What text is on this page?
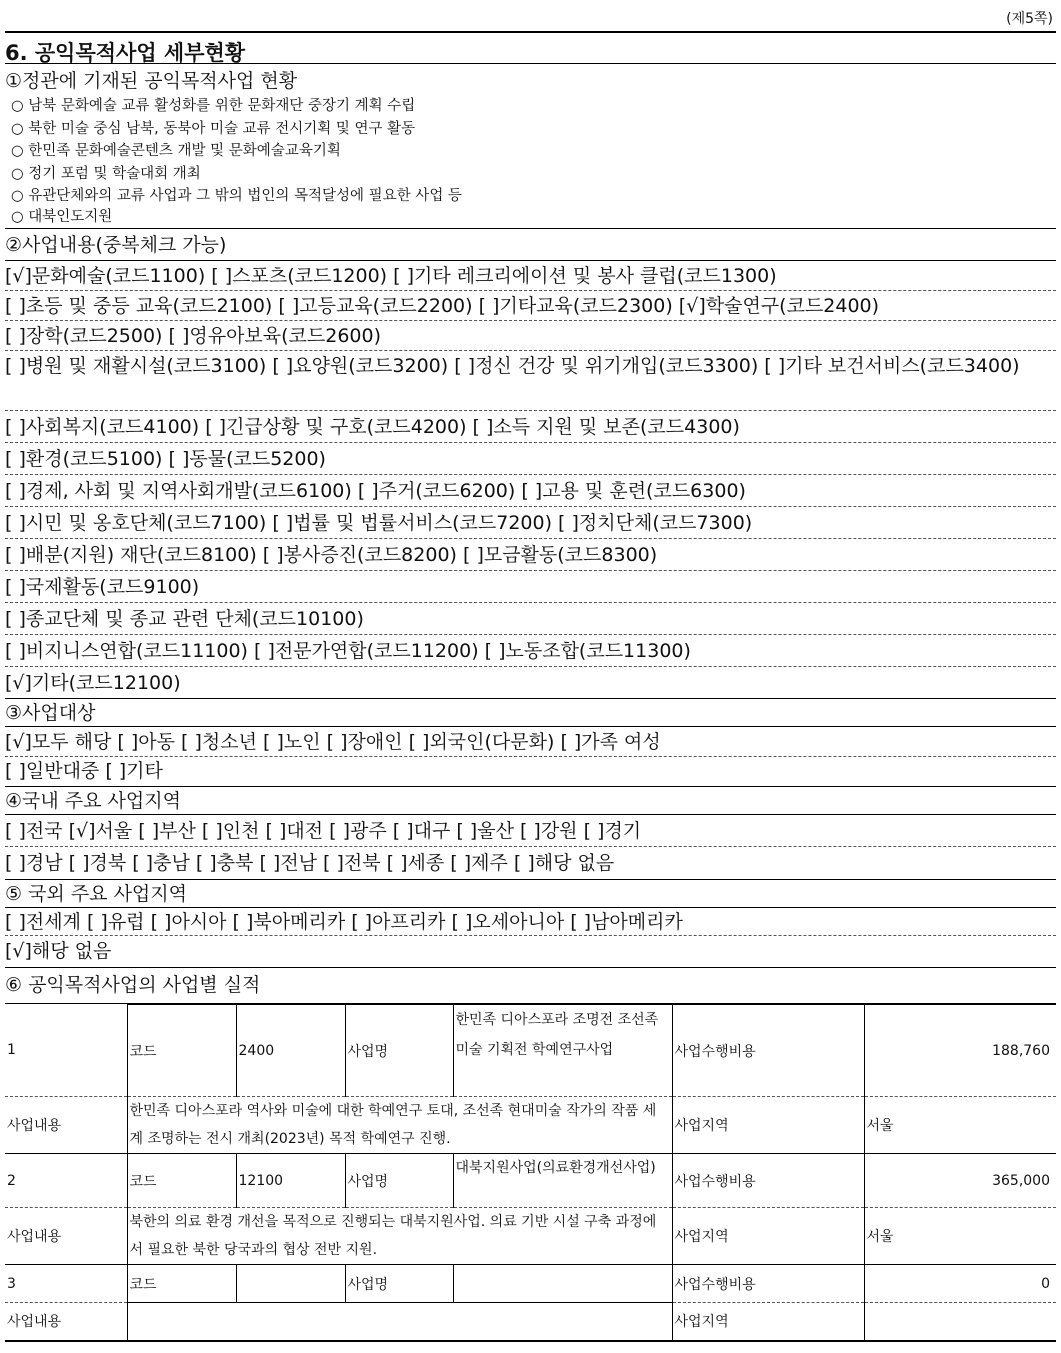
(제5쪽)
6. 공익목적사업 세부현황
①정관에 기재된 공익목적사업 현황
○ 남북 문화예술 교류 활성화를 위한 문화재단 중장기 계획 수립
○ 북한 미술 중심 남북, 동북아 미술 교류 전시기획 및 연구 활동
○ 한민족 문화예술콘텐츠 개발 및 문화예술교육기획
○ 정기 포럼 및 학술대회 개최
○ 유관단체와의 교류 사업과 그 밖의 법인의 목적달성에 필요한 사업 등
○ 대북인도지원
②사업내용(중복체크 가능)
[√]문화예술(코드1100) [ ]스포츠(코드1200) [ ]기타 레크리에이션 및 봉사 클럽(코드1300)
[ ]초등 및 중등 교육(코드2100) [ ]고등교육(코드2200) [ ]기타교육(코드2300) [√]학술연구(코드2400)
[ ]장학(코드2500) [ ]영유아보육(코드2600)
[ ]병원 및 재활시설(코드3100) [ ]요양원(코드3200) [ ]정신 건강 및 위기개입(코드3300) [ ]기타 보건서비스(코드3400)
[ ]사회복지(코드4100) [ ]긴급상황 및 구호(코드4200) [ ]소득 지원 및 보존(코드4300)
[ ]환경(코드5100) [ ]동물(코드5200)
[ ]경제, 사회 및 지역사회개발(코드6100) [ ]주거(코드6200) [ ]고용 및 훈련(코드6300)
[ ]시민 및 옹호단체(코드7100) [ ]법률 및 법률서비스(코드7200) [ ]정치단체(코드7300)
[ ]배분(지원) 재단(코드8100) [ ]봉사증진(코드8200) [ ]모금활동(코드8300)
[ ]국제활동(코드9100)
[ ]종교단체 및 종교 관련 단체(코드10100)
[ ]비지니스연합(코드11100) [ ]전문가연합(코드11200) [ ]노동조합(코드11300)
[√]기타(코드12100)
③사업대상
[√]모두 해당 [ ]아동 [ ]청소년 [ ]노인 [ ]장애인 [ ]외국인(다문화) [ ]가족 여성
[ ]일반대중 [ ]기타
④국내 주요 사업지역
[ ]전국 [√]서울 [ ]부산 [ ]인천 [ ]대전 [ ]광주 [ ]대구 [ ]울산 [ ]강원 [ ]경기
[ ]경남 [ ]경북 [ ]충남 [ ]충북 [ ]전남 [ ]전북 [ ]세종 [ ]제주 [ ]해당 없음
⑤ 국외 주요 사업지역
[ ]전세계 [ ]유럽 [ ]아시아 [ ]북아메리카 [ ]아프리카 [ ]오세아니아 [ ]남아메리카
[√]해당 없음
⑥ 공익목적사업의 사업별 실적
1	코드	2400	사업명	한민족 디아스포라 조명전 조선족 미술 기획전 학예연구사업	사업수행비용	188,760
사업내용	한민족 디아스포라 역사와 미술에 대한 학예연구 토대, 조선족 현대미술 작가의 작품 세계 조명하는 전시 개최(2023년) 목적 학예연구 진행.				사업지역	서울
2	코드	12100	사업명	대북지원사업(의료환경개선사업)	사업수행비용	365,000
사업내용	북한의 의료 환경 개선을 목적으로 진행되는 대북지원사업. 의료 기반 시설 구축 과정에서 필요한 북한 당국과의 협상 전반 지원.				사업지역	서울
3	코드		사업명		사업수행비용	0
사업내용					사업지역	
